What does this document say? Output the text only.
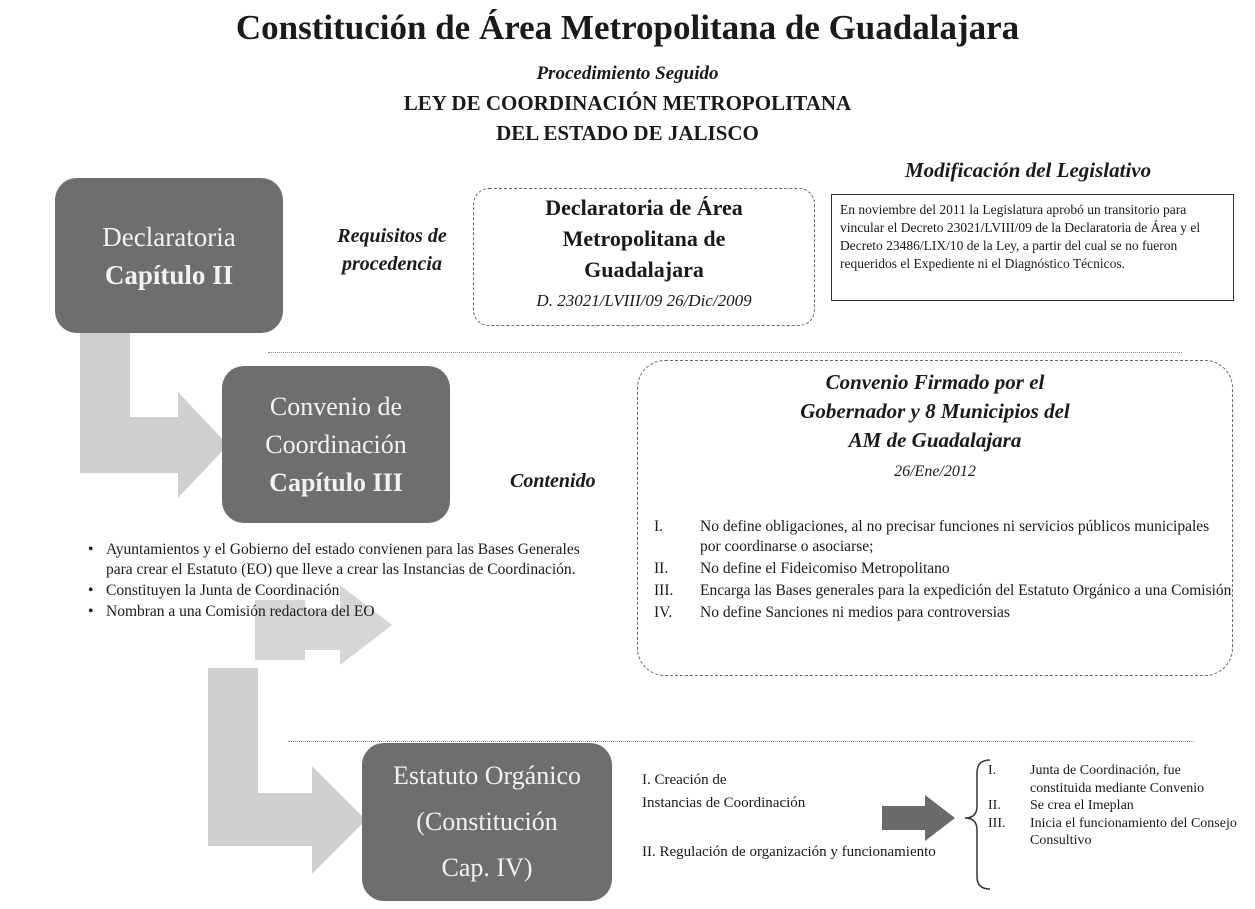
Constitución de Área Metropolitana de Guadalajara
Procedimiento Seguido
LEY DE COORDINACIÓN METROPOLITANA
DEL ESTADO DE JALISCO
Modificación del Legislativo
En noviembre del 2011 la Legislatura aprobó un transitorio para vincular el Decreto 23021/LVIII/09 de la Declaratoria de Área y el Decreto 23486/LIX/10 de la Ley, a partir del cual se no fueron requeridos el Expediente ni el Diagnóstico Técnicos.
Declaratoria
Capítulo II
Requisitos de
procedencia
Declaratoria de Área
Metropolitana de
Guadalajara
D. 23021/LVIII/09 26/Dic/2009
Convenio de
Coordinación
Capítulo III	Contenido
Convenio Firmado por el
Gobernador y 8 Municipios del
AM de Guadalajara
26/Ene/2012
I.	No define obligaciones, al no precisar funciones ni servicios públicos municipales por coordinarse o asociarse;
II.	No define el Fideicomiso Metropolitano
III.	Encarga las Bases generales para la expedición del Estatuto Orgánico a una Comisión
IV.	No define Sanciones ni medios para controversias
• Ayuntamientos y el Gobierno del estado convienen para las Bases Generales para crear el Estatuto (EO) que lleve a crear las Instancias de Coordinación.
• Constituyen la Junta de Coordinación
• Nombran a una Comisión redactora del EO
Estatuto Orgánico
(Constitución
Cap. IV)
I. Creación de
Instancias de Coordinación
II. Regulación de organización y funcionamiento
I.	Junta de Coordinación, fue constituida mediante Convenio
II.	Se crea el Imeplan
III.	Inicia el funcionamiento del Consejo Consultivo
